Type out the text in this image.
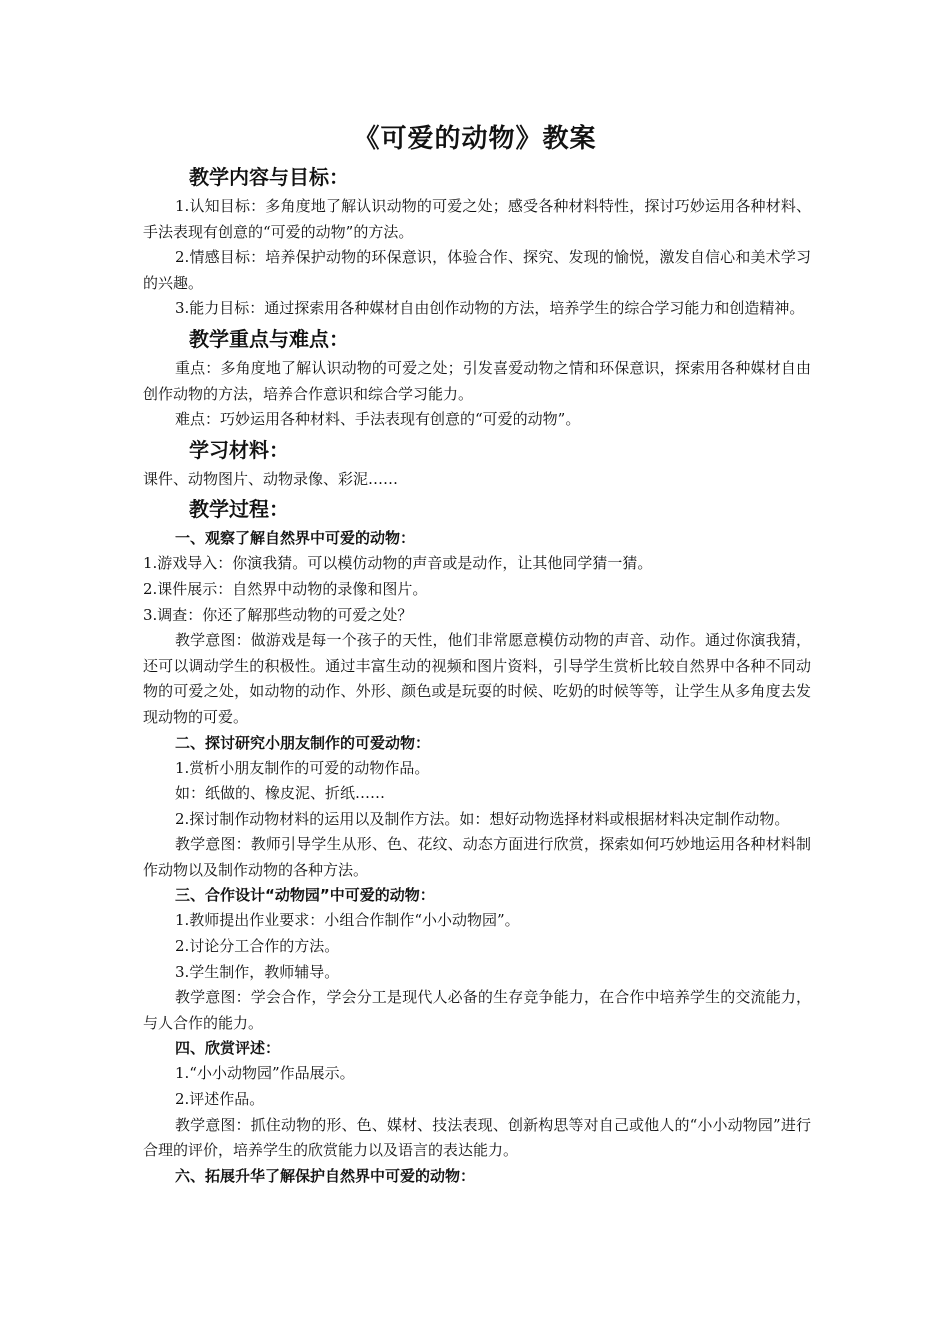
《可爱的动物》教案
教学内容与目标：

1.认知目标：多角度地了解认识动物的可爱之处；感受各种材料特性，探讨巧妙运用各种材料、手法表现有创意的“可爱的动物”的方法。

2.情感目标：培养保护动物的环保意识，体验合作、探究、发现的愉悦，激发自信心和美术学习的兴趣。

3.能力目标：通过探索用各种媒材自由创作动物的方法，培养学生的综合学习能力和创造精神。

教学重点与难点：

重点：多角度地了解认识动物的可爱之处；引发喜爱动物之情和环保意识，探索用各种媒材自由创作动物的方法，培养合作意识和综合学习能力。

难点：巧妙运用各种材料、手法表现有创意的“可爱的动物”。

学习材料：

课件、动物图片、动物录像、彩泥……

教学过程：
一、观察了解自然界中可爱的动物：

1.游戏导入：你演我猜。可以模仿动物的声音或是动作，让其他同学猜一猜。

2.课件展示：自然界中动物的录像和图片。

3.调查：你还了解那些动物的可爱之处？

教学意图：做游戏是每一个孩子的天性，他们非常愿意模仿动物的声音、动作。通过你演我猜，还可以调动学生的积极性。通过丰富生动的视频和图片资料，引导学生赏析比较自然界中各种不同动物的可爱之处，如动物的动作、外形、颜色或是玩耍的时候、吃奶的时候等等，让学生从多角度去发现动物的可爱。

二、探讨研究小朋友制作的可爱动物：

1.赏析小朋友制作的可爱的动物作品。

如：纸做的、橡皮泥、折纸……

2.探讨制作动物材料的运用以及制作方法。如：想好动物选择材料或根据材料决定制作动物。

教学意图：教师引导学生从形、色、花纹、动态方面进行欣赏，探索如何巧妙地运用各种材料制作动物以及制作动物的各种方法。

三、合作设计“动物园”中可爱的动物：

1.教师提出作业要求：小组合作制作“小小动物园”。

2.讨论分工合作的方法。

3.学生制作，教师辅导。

教学意图：学会合作，学会分工是现代人必备的生存竞争能力，在合作中培养学生的交流能力，与人合作的能力。

四、欣赏评述：

1.“小小动物园”作品展示。

2.评述作品。

教学意图：抓住动物的形、色、媒材、技法表现、创新构思等对自己或他人的“小小动物园”进行合理的评价，培养学生的欣赏能力以及语言的表达能力。

六、拓展升华了解保护自然界中可爱的动物：
